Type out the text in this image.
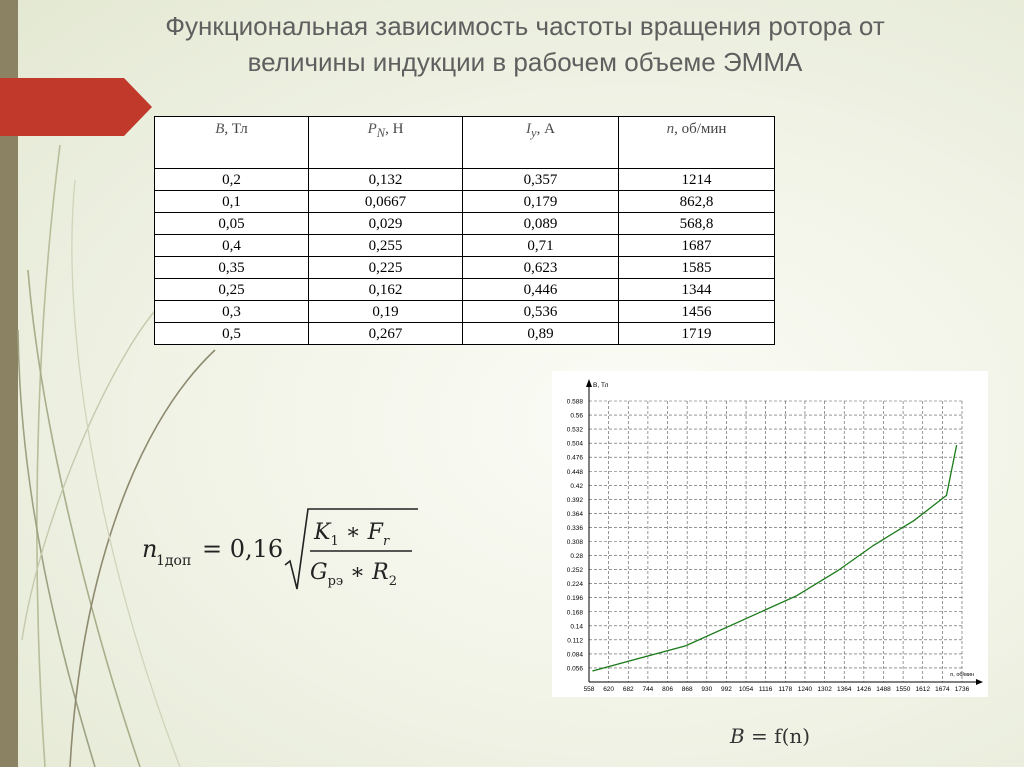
Функциональная зависимость частоты вращения ротора от
величины индукции в рабочем объеме ЭММА
B, Тл	$P_N$, Н	$I_y$, А	n, об/мин
0,2	0,132	0,357	1214
0,1	0,0667	0,179	862,8
0,05	0,029	0,089	568,8
0,4	0,255	0,71	1687
0,35	0,225	0,623	1585
0,25	0,162	0,446	1344
0,3	0,19	0,536	1456
0,5	0,267	0,89	1719
n
1доп = 0,16
$K_1$ ∗ $F_r$
$G_{рэ}$ ∗ $R_2$
558 620 682 744 806 868 930 992 1054 1116 1178 1240 1302 1364 1426 1488 1550 1612 1674 1736
0.588
0.56
0.532
0.504
0.476
0.448
0.42
0.392
0.364
0.336
0.308
0.28
0.252
0.224
0.196
0.168
0.14
0.112
0.084
0.056
B, Тл
n, об/мин
B = f(n)
